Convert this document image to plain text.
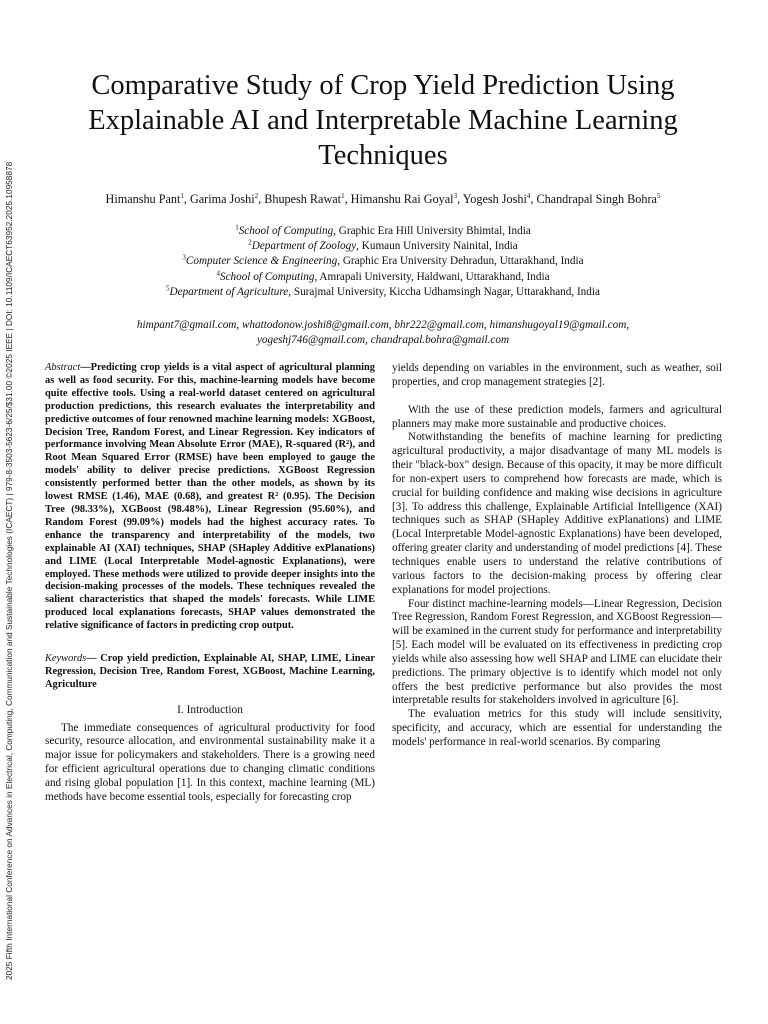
2025 Fifth International Conference on Advances in Electrical, Computing, Communication and Sustainable Technologies (ICAECT) | 979-8-3503-5623-6/25/$31.00 ©2025 IEEE | DOI: 10.1109/ICAECT63952.2025.10958878
Comparative Study of Crop Yield Prediction Using Explainable AI and Interpretable Machine Learning Techniques
Himanshu Pant$^1$, Garima Joshi$^2$, Bhupesh Rawat$^1$, Himanshu Rai Goyal$^3$, Yogesh Joshi$^4$, Chandrapal Singh Bohra$^5$
$^1$School of Computing, Graphic Era Hill University Bhimtal, India
$^2$Department of Zoology, Kumaun University Nainital, India
$^3$Computer Science & Engineering, Graphic Era University Dehradun, Uttarakhand, India
$^4$School of Computing, Amrapali University, Haldwani, Uttarakhand, India
$^5$Department of Agriculture, Surajmal University, Kiccha Udhamsingh Nagar, Uttarakhand, India
himpant7@gmail.com, whattodonow.joshi8@gmail.com, bhr222@gmail.com, himanshugoyal19@gmail.com,
yogeshj746@gmail.com, chandrapal.bohra@gmail.com

Abstract—Predicting crop yields is a vital aspect of agricultural planning as well as food security. For this, machine-learning models have become quite effective tools. Using a real-world dataset centered on agricultural production predictions, this research evaluates the interpretability and predictive outcomes of four renowned machine learning models: XGBoost, Decision Tree, Random Forest, and Linear Regression. Key indicators of performance involving Mean Absolute Error (MAE), R-squared (R²), and Root Mean Squared Error (RMSE) have been employed to gauge the models' ability to deliver precise predictions. XGBoost Regression consistently performed better than the other models, as shown by its lowest RMSE (1.46), MAE (0.68), and greatest R² (0.95). The Decision Tree (98.33%), XGBoost (98.48%), Linear Regression (95.60%), and Random Forest (99.09%) models had the highest accuracy rates. To enhance the transparency and interpretability of the models, two explainable AI (XAI) techniques, SHAP (SHapley Additive exPlanations) and LIME (Local Interpretable Model-agnostic Explanations), were employed. These methods were utilized to provide deeper insights into the decision-making processes of the models. These techniques revealed the salient characteristics that shaped the models' forecasts. While LIME produced local explanations forecasts, SHAP values demonstrated the relative significance of factors in predicting crop output.

Keywords— Crop yield prediction, Explainable AI, SHAP, LIME, Linear Regression, Decision Tree, Random Forest, XGBoost, Machine Learning, Agriculture

I. Introduction

The immediate consequences of agricultural productivity for food security, resource allocation, and environmental sustainability make it a major issue for policymakers and stakeholders. There is a growing need for efficient agricultural operations due to changing climatic conditions and rising global population [1]. In this context, machine learning (ML) methods have become essential tools, especially for forecasting crop

yields depending on variables in the environment, such as weather, soil properties, and crop management strategies [2].

With the use of these prediction models, farmers and agricultural planners may make more sustainable and productive choices.

Notwithstanding the benefits of machine learning for predicting agricultural productivity, a major disadvantage of many ML models is their "black-box" design. Because of this opacity, it may be more difficult for non-expert users to comprehend how forecasts are made, which is crucial for building confidence and making wise decisions in agriculture [3]. To address this challenge, Explainable Artificial Intelligence (XAI) techniques such as SHAP (SHapley Additive exPlanations) and LIME (Local Interpretable Model-agnostic Explanations) have been developed, offering greater clarity and understanding of model predictions [4]. These techniques enable users to understand the relative contributions of various factors to the decision-making process by offering clear explanations for model projections.

Four distinct machine-learning models—Linear Regression, Decision Tree Regression, Random Forest Regression, and XGBoost Regression—will be examined in the current study for performance and interpretability [5]. Each model will be evaluated on its effectiveness in predicting crop yields while also assessing how well SHAP and LIME can elucidate their predictions. The primary objective is to identify which model not only offers the best predictive performance but also provides the most interpretable results for stakeholders involved in agriculture [6].

The evaluation metrics for this study will include sensitivity, specificity, and accuracy, which are essential for understanding the models' performance in real-world scenarios. By comparing
